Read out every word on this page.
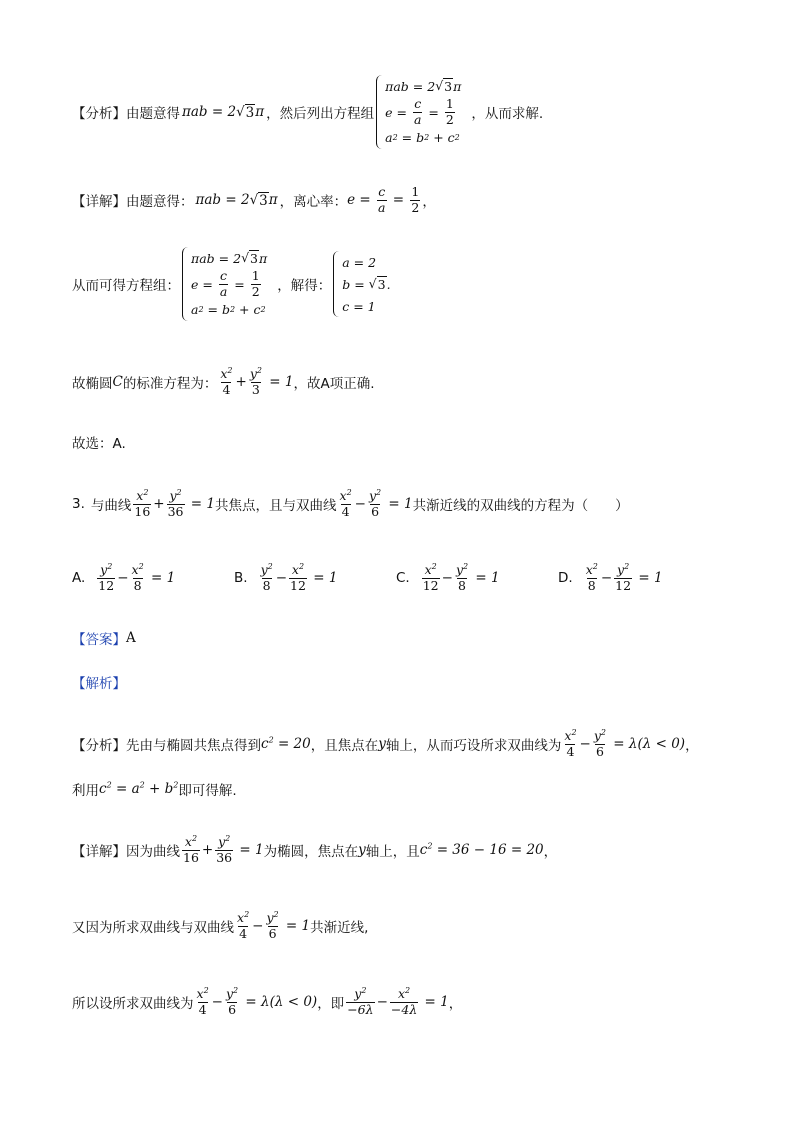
【分析】 由题意得 πab = 2 √ 3 π ，然后列出方程组
π ab = 2 √ 3 π
$e = \frac{c}{a} = \frac{1}{2}$
a 2 = b 2 + c 2
，从而求解.
【详解】 由题意得： πab = 2 √ 3 π ，离心率： $e = \frac{c}{a} = \frac{1}{2}$ ，
从而可得方程组：
π ab = 2 √ 3 π
$e = \frac{c}{a} = \frac{1}{2}$
a 2 = b 2 + c 2
，解得：
a = 2
b = √ 3 .
c = 1
故椭圆 C 的标准方程为： $\frac{x^2}{4} + \frac{y^2}{3} = 1$ ，故A项正确.
故选：A.
3. 与曲线 $\frac{x^2}{16} + \frac{y^2}{36} = 1$ 共焦点，且与双曲线 $\frac{x^2}{4} - \frac{y^2}{6} = 1$ 共渐近线的双曲线的方程为（　　）
A. $\frac{y^2}{12} - \frac{x^2}{8} = 1$	B. $\frac{y^2}{8} - \frac{x^2}{12} = 1$	C. $\frac{x^2}{12} - \frac{y^2}{8} = 1$	D. $\frac{x^2}{8} - \frac{y^2}{12} = 1$
【答案】 A
【解析】
【分析】 先由与椭圆共焦点得到 $c^2 = 20$ ，且焦点在 y 轴上，从而巧设所求双曲线为 $\frac{x^2}{4} - \frac{y^2}{6} = \lambda$ ( λ < 0) ，
利用 $c^2 = a^2 + b^2$ 即可得解.
【详解】 因为曲线 $\frac{x^2}{16} + \frac{y^2}{36} = 1$ 为椭圆，焦点在 y 轴上，且 $c^2 = 36 - 16 = 20$ ，
又因为所求双曲线与双曲线 $\frac{x^2}{4} - \frac{y^2}{6} = 1$ 共渐近线,
所以设所求双曲线为 $\frac{x^2}{4} - \frac{y^2}{6} = \lambda$ ( λ < 0) ，即 $\frac{y^2}{-6\lambda} - \frac{x^2}{-4\lambda} = 1$ ，
